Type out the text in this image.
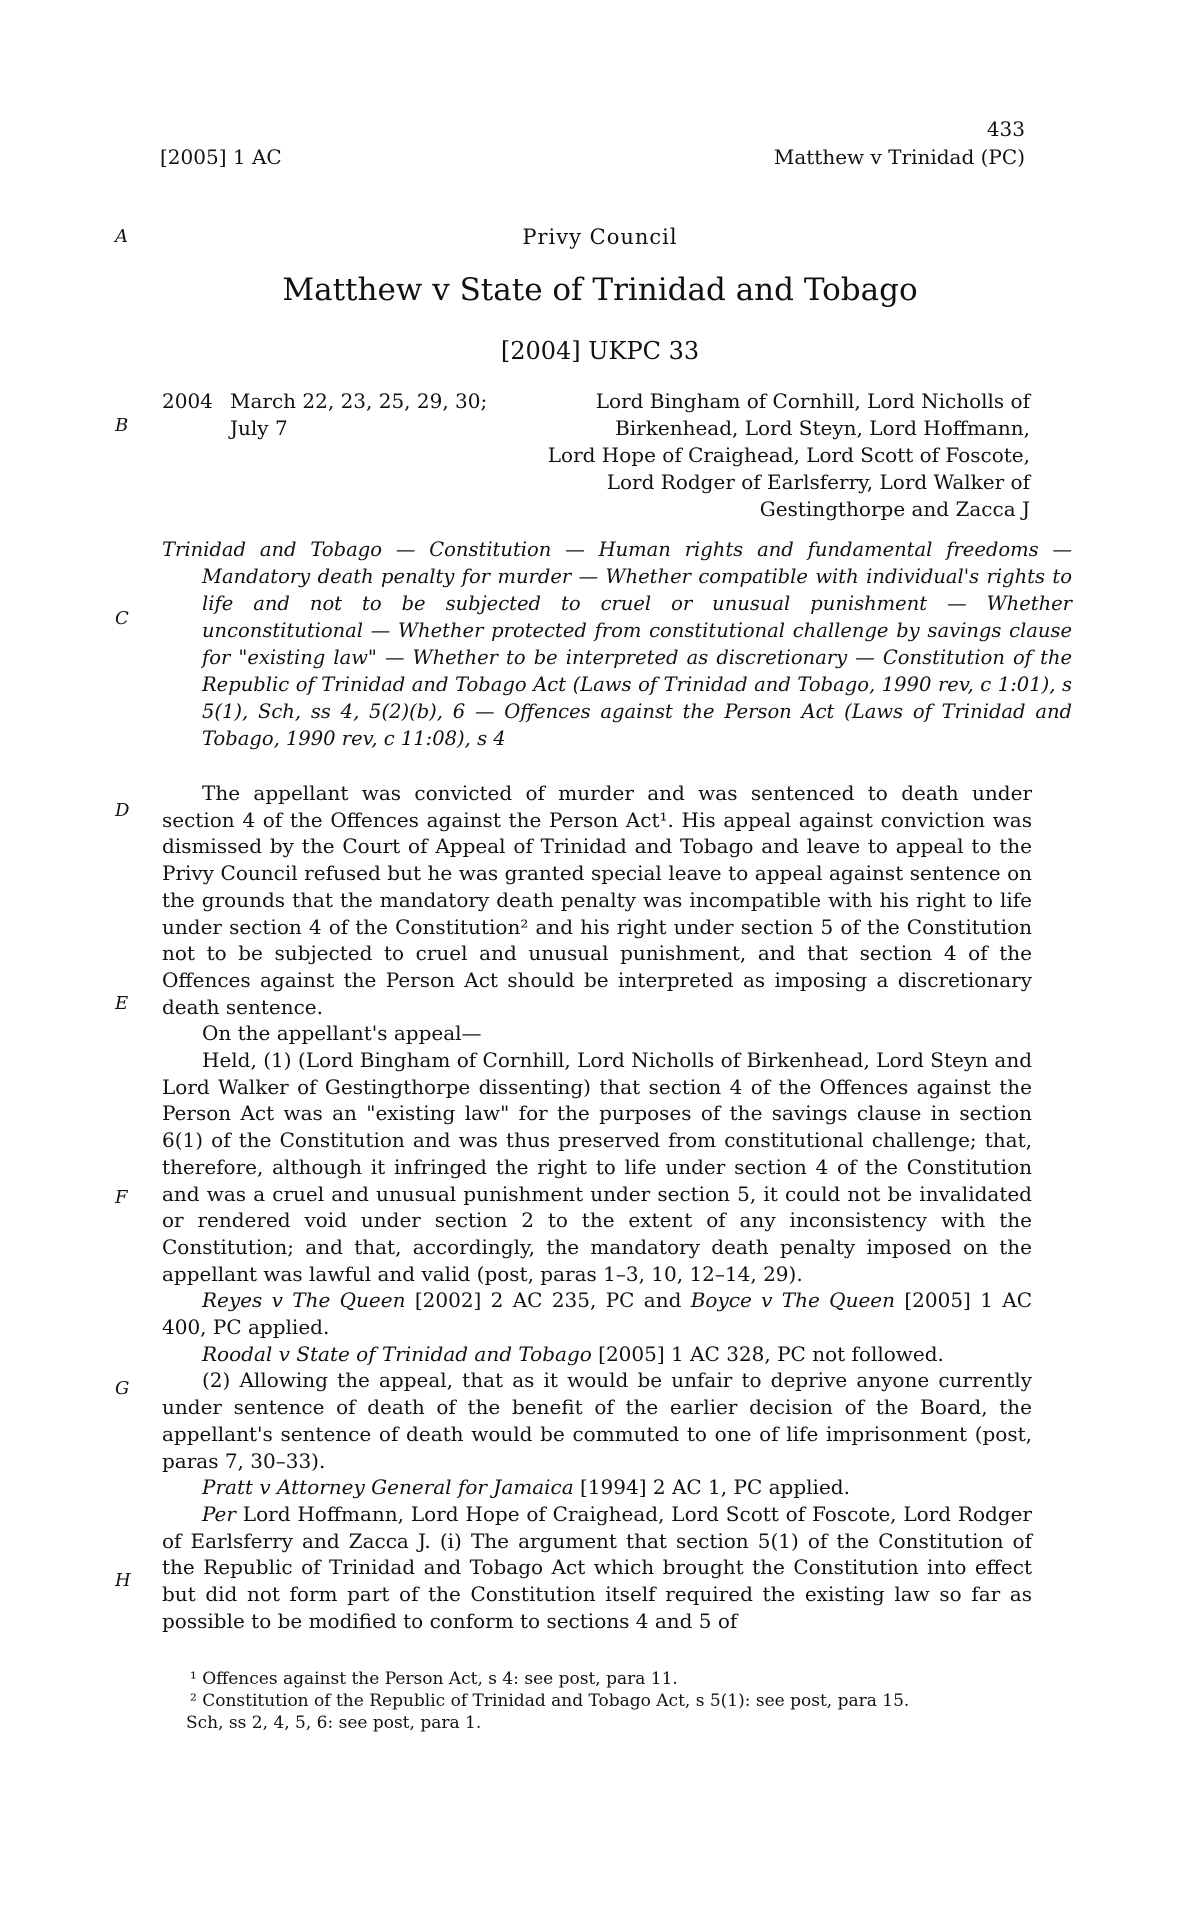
433
[2005] 1 AC	Matthew v Trinidad (PC)
A
B
C
D
E
F
G
H
Privy Council
Matthew v State of Trinidad and Tobago
[2004] UKPC 33
2004 March 22, 23, 25, 29, 30;
July 7
Lord Bingham of Cornhill, Lord Nicholls of
Birkenhead, Lord Steyn, Lord Hoffmann,
Lord Hope of Craighead, Lord Scott of Foscote,
Lord Rodger of Earlsferry, Lord Walker of
Gestingthorpe and Zacca J
Trinidad and Tobago — Constitution — Human rights and fundamental freedoms — Mandatory death penalty for murder — Whether compatible with individual's rights to life and not to be subjected to cruel or unusual punishment — Whether unconstitutional — Whether protected from constitutional challenge by savings clause for "existing law" — Whether to be interpreted as discretionary — Constitution of the Republic of Trinidad and Tobago Act (Laws of Trinidad and Tobago, 1990 rev, c 1:01), s 5(1), Sch, ss 4, 5(2)(b), 6 — Offences against the Person Act (Laws of Trinidad and Tobago, 1990 rev, c 11:08), s 4

The appellant was convicted of murder and was sentenced to death under section 4 of the Offences against the Person Act¹. His appeal against conviction was dismissed by the Court of Appeal of Trinidad and Tobago and leave to appeal to the Privy Council refused but he was granted special leave to appeal against sentence on the grounds that the mandatory death penalty was incompatible with his right to life under section 4 of the Constitution² and his right under section 5 of the Constitution not to be subjected to cruel and unusual punishment, and that section 4 of the Offences against the Person Act should be interpreted as imposing a discretionary death sentence.

On the appellant's appeal—

Held, (1) (Lord Bingham of Cornhill, Lord Nicholls of Birkenhead, Lord Steyn and Lord Walker of Gestingthorpe dissenting) that section 4 of the Offences against the Person Act was an "existing law" for the purposes of the savings clause in section 6(1) of the Constitution and was thus preserved from constitutional challenge; that, therefore, although it infringed the right to life under section 4 of the Constitution and was a cruel and unusual punishment under section 5, it could not be invalidated or rendered void under section 2 to the extent of any inconsistency with the Constitution; and that, accordingly, the mandatory death penalty imposed on the appellant was lawful and valid (post, paras 1–3, 10, 12–14, 29).

Reyes v The Queen [2002] 2 AC 235, PC and Boyce v The Queen [2005] 1 AC 400, PC applied.

Roodal v State of Trinidad and Tobago [2005] 1 AC 328, PC not followed.

(2) Allowing the appeal, that as it would be unfair to deprive anyone currently under sentence of death of the benefit of the earlier decision of the Board, the appellant's sentence of death would be commuted to one of life imprisonment (post, paras 7, 30–33).

Pratt v Attorney General for Jamaica [1994] 2 AC 1, PC applied.

Per Lord Hoffmann, Lord Hope of Craighead, Lord Scott of Foscote, Lord Rodger of Earlsferry and Zacca J. (i) The argument that section 5(1) of the Constitution of the Republic of Trinidad and Tobago Act which brought the Constitution into effect but did not form part of the Constitution itself required the existing law so far as possible to be modified to conform to sections 4 and 5 of

¹ Offences against the Person Act, s 4: see post, para 11.
² Constitution of the Republic of Trinidad and Tobago Act, s 5(1): see post, para 15.
Sch, ss 2, 4, 5, 6: see post, para 1.
